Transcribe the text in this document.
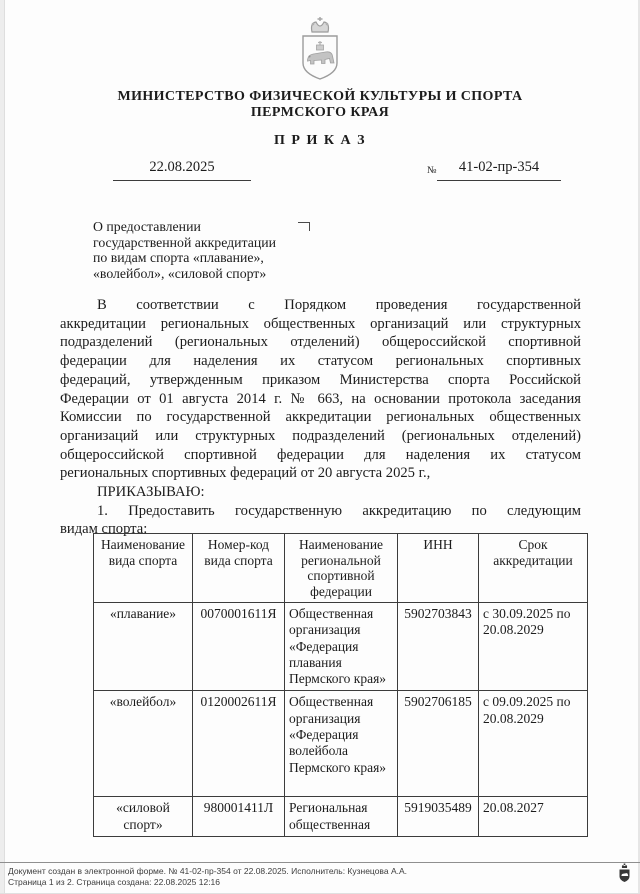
МИНИСТЕРСТВО ФИЗИЧЕСКОЙ КУЛЬТУРЫ И СПОРТА
ПЕРМСКОГО КРАЯ
П Р И К А З
22.08.2025	№ 41-02-пр-354
О предоставлении
государственной аккредитации
по видам спорта «плавание»,
«волейбол», «силовой спорт»
В соответствии с Порядком проведения государственной
аккредитации региональных общественных организаций или структурных
подразделений (региональных отделений) общероссийской спортивной
федерации для наделения их статусом региональных спортивных
федераций, утвержденным приказом Министерства спорта Российской
Федерации от 01 августа 2014 г. № 663, на основании протокола заседания
Комиссии по государственной аккредитации региональных общественных
организаций или структурных подразделений (региональных отделений)
общероссийской спортивной федерации для наделения их статусом
региональных спортивных федераций от 20 августа 2025 г.,
ПРИКАЗЫВАЮ:
1. Предоставить государственную аккредитацию по следующим
видам спорта:
Наименование вида спорта	Номер-код вида спорта	Наименование региональной спортивной федерации	ИНН	Срок аккредитации
«плавание»	0070001611Я	Общественная организация «Федерация плавания Пермского края»	5902703843	с 30.09.2025 по 20.08.2029
«волейбол»	0120002611Я	Общественная организация «Федерация волейбола Пермского края»	5902706185	с 09.09.2025 по 20.08.2029
«силовой спорт»	980001411Л	Региональная общественная	5919035489	20.08.2027
Документ создан в электронной форме. № 41-02-пр-354 от 22.08.2025. Исполнитель: Кузнецова А.А.
Страница 1 из 2. Страница создана: 22.08.2025 12:16
